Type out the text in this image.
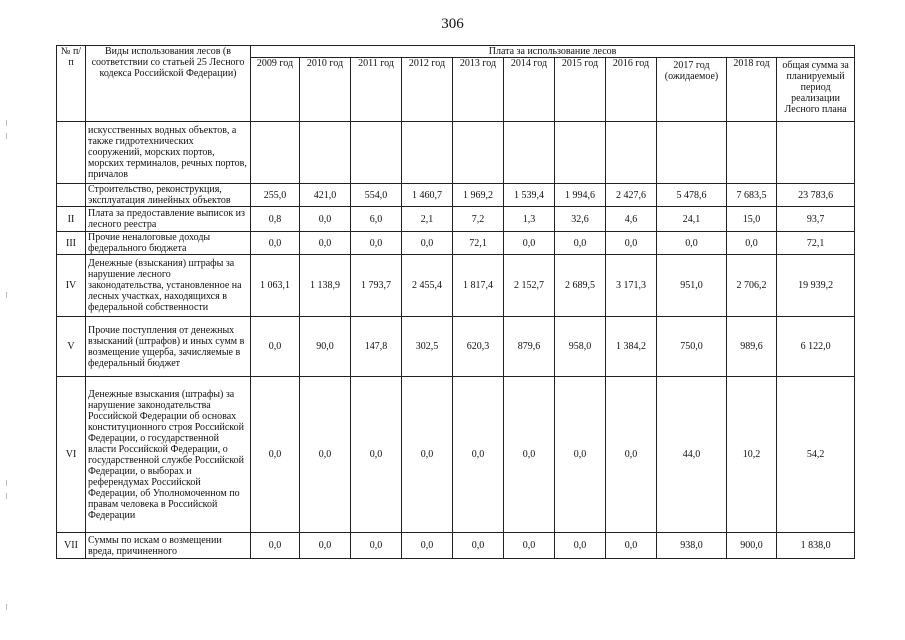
306
№ п/п	Виды использования лесов (в соответствии со статьей 25 Лесного кодекса Российской Федерации)	Плата за использование лесов										
		2009 год	2010 год	2011 год	2012 год	2013 год	2014 год	2015 год	2016 год	2017 год (ожидаемое)	2018 год	общая сумма за планируемый период реализации Лесного плана
	искусственных водных объектов, а также гидротехнических сооружений, морских портов, морских терминалов, речных портов, причалов											
	Строительство, реконструкция, эксплуатация линейных объектов	255,0	421,0	554,0	1 460,7	1 969,2	1 539,4	1 994,6	2 427,6	5 478,6	7 683,5	23 783,6
II	Плата за предоставление выписок из лесного реестра	0,8	0,0	6,0	2,1	7,2	1,3	32,6	4,6	24,1	15,0	93,7
III	Прочие неналоговые доходы федерального бюджета	0,0	0,0	0,0	0,0	72,1	0,0	0,0	0,0	0,0	0,0	72,1
IV	Денежные (взыскания) штрафы за нарушение лесного законодательства, установленное на лесных участках, находящихся в федеральной собственности	1 063,1	1 138,9	1 793,7	2 455,4	1 817,4	2 152,7	2 689,5	3 171,3	951,0	2 706,2	19 939,2
V	Прочие поступления от денежных взысканий (штрафов) и иных сумм в возмещение ущерба, зачисляемые в федеральный бюджет	0,0	90,0	147,8	302,5	620,3	879,6	958,0	1 384,2	750,0	989,6	6 122,0
VI	Денежные взыскания (штрафы) за нарушение законодательства Российской Федерации об основах конституционного строя Российской Федерации, о государственной власти Российской Федерации, о государственной службе Российской Федерации, о выборах и референдумах Российской Федерации, об Уполномоченном по правам человека в Российской Федерации	0,0	0,0	0,0	0,0	0,0	0,0	0,0	0,0	44,0	10,2	54,2
VII	Суммы по искам о возмещении вреда, причиненного	0,0	0,0	0,0	0,0	0,0	0,0	0,0	0,0	938,0	900,0	1 838,0
